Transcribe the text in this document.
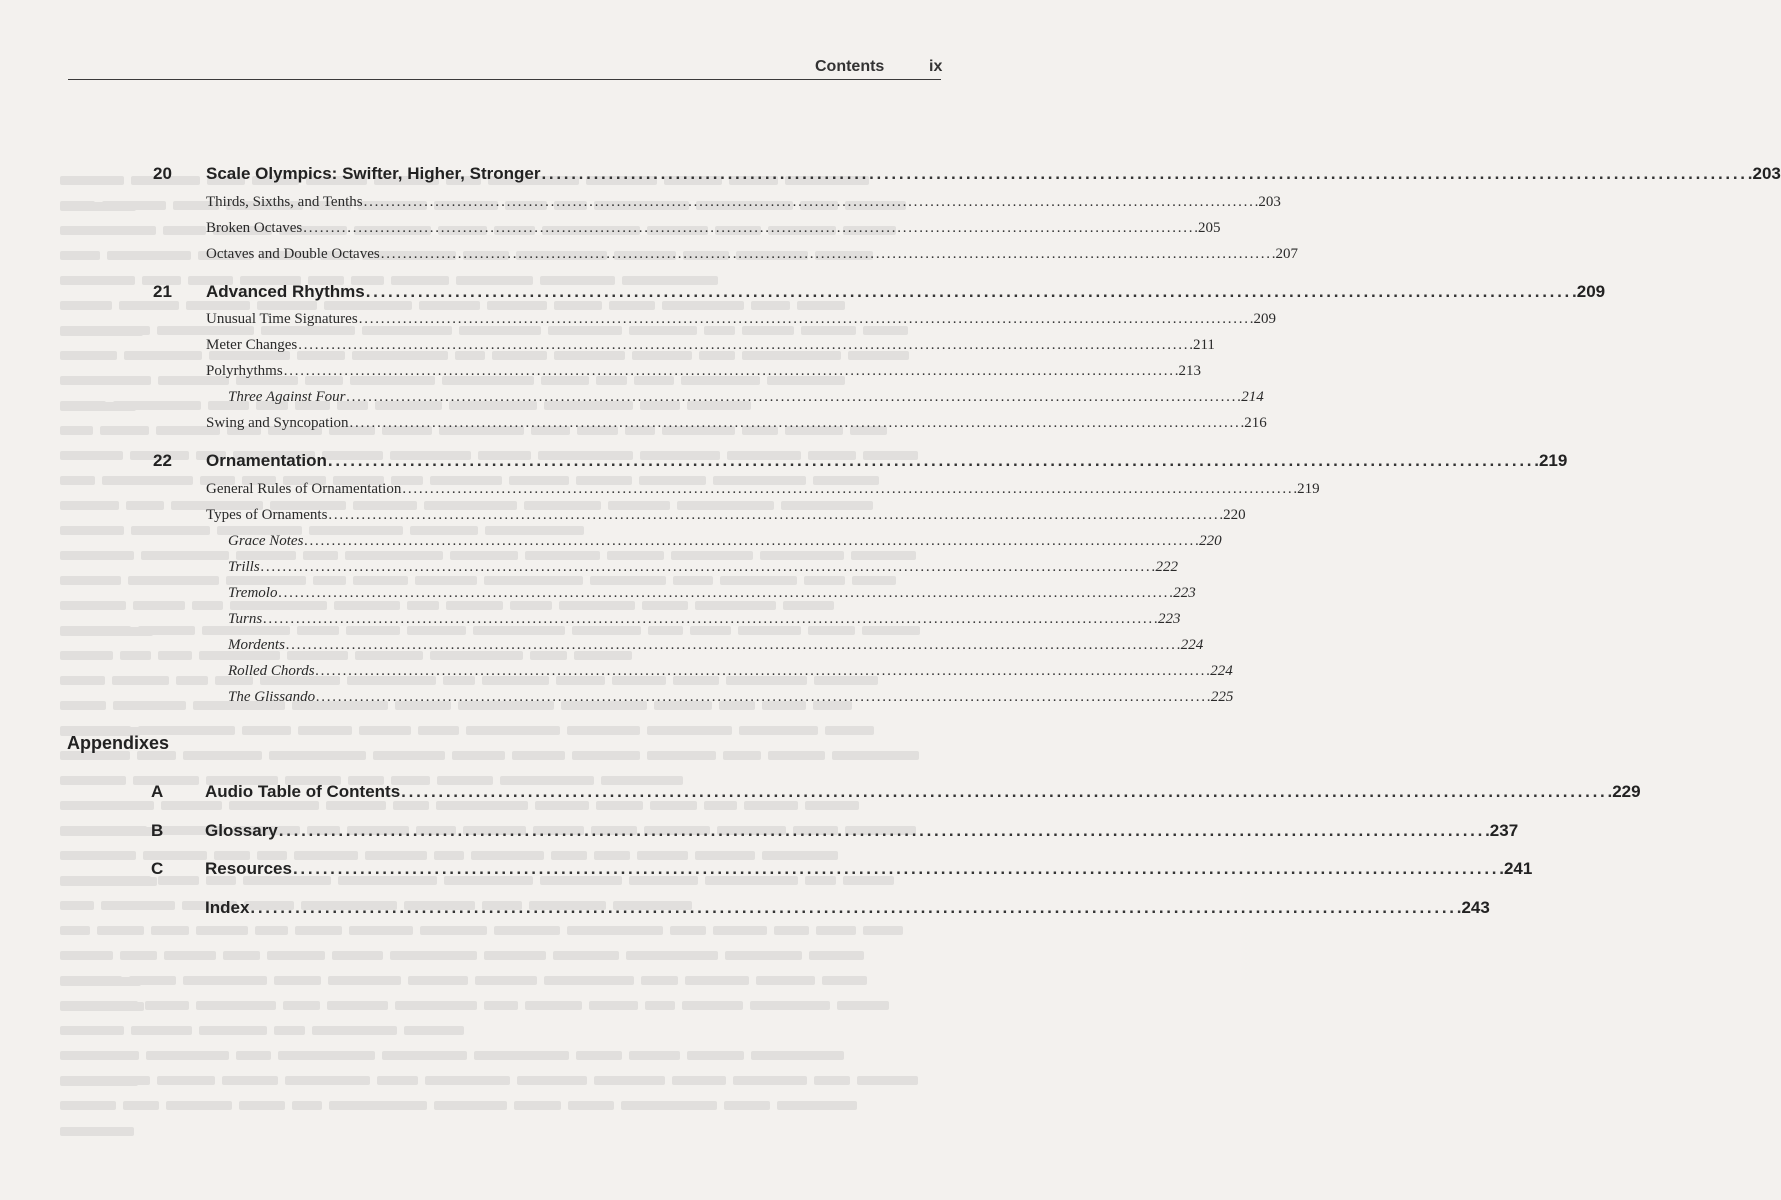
Contents	ix
20 Scale Olympics: Swifter, Higher, Stronger . . .	203
Thirds, Sixths, and Tenths . . .	203
Broken Octaves . . .	205
Octaves and Double Octaves . . .	207
21 Advanced Rhythms . . .	209
Unusual Time Signatures . . .	209
Meter Changes . . .	211
Polyrhythms . . .	213
Three Against Four . . .	214
Swing and Syncopation . . .	216
22 Ornamentation . . .	219
General Rules of Ornamentation . . .	219
Types of Ornaments . . .	220
Grace Notes . . .	220
Trills . . .	222
Tremolo . . .	223
Turns . . .	223
Mordents . . .	224
Rolled Chords . . .	224
The Glissando . . .	225
Appendixes
A Audio Table of Contents . . .	229
B Glossary . . .	237
C Resources . . .	241
Index . . .	243
